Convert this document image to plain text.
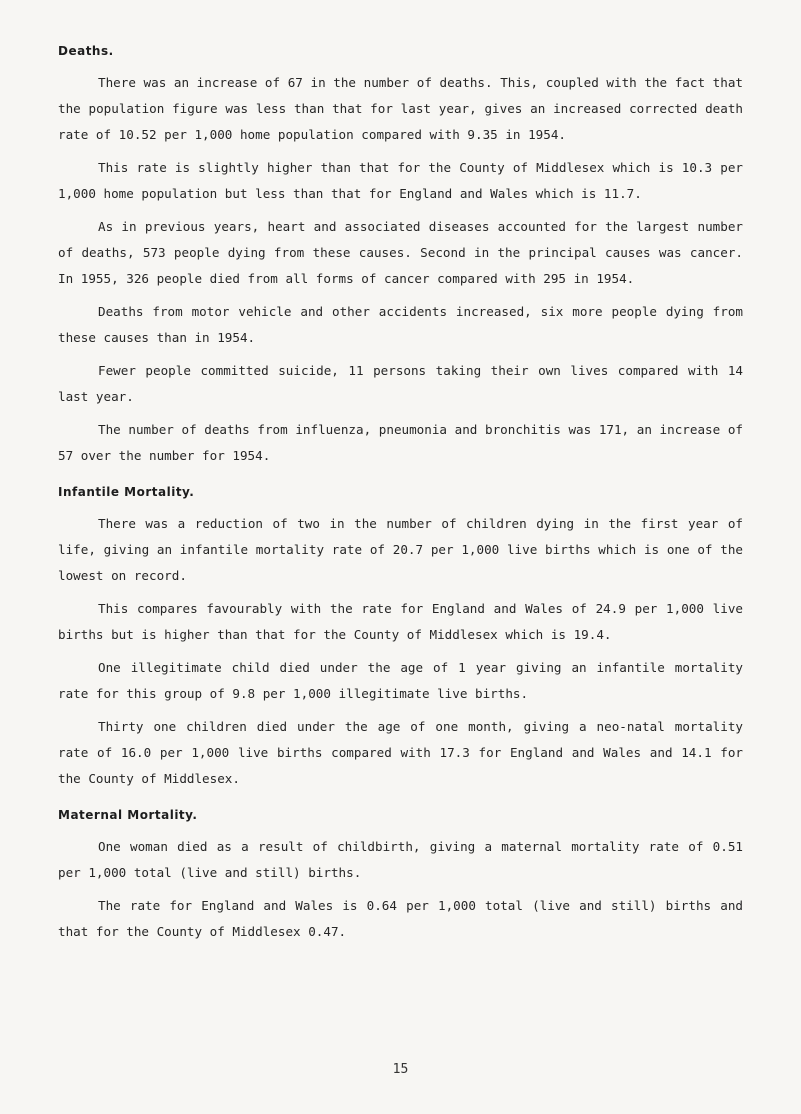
Deaths.

There was an increase of 67 in the number of deaths. This, coupled with the fact that the population figure was less than that for last year, gives an increased corrected death rate of 10.52 per 1,000 home population compared with 9.35 in 1954.

This rate is slightly higher than that for the County of Middlesex which is 10.3 per 1,000 home population but less than that for England and Wales which is 11.7.

As in previous years, heart and associated diseases accounted for the largest number of deaths, 573 people dying from these causes. Second in the principal causes was cancer. In 1955, 326 people died from all forms of cancer compared with 295 in 1954.

Deaths from motor vehicle and other accidents increased, six more people dying from these causes than in 1954.

Fewer people committed suicide, 11 persons taking their own lives compared with 14 last year.

The number of deaths from influenza, pneumonia and bronchitis was 171, an increase of 57 over the number for 1954.

Infantile Mortality.

There was a reduction of two in the number of children dying in the first year of life, giving an infantile mortality rate of 20.7 per 1,000 live births which is one of the lowest on record.

This compares favourably with the rate for England and Wales of 24.9 per 1,000 live births but is higher than that for the County of Middlesex which is 19.4.

One illegitimate child died under the age of 1 year giving an infantile mortality rate for this group of 9.8 per 1,000 illegitimate live births.

Thirty one children died under the age of one month, giving a neo-natal mortality rate of 16.0 per 1,000 live births compared with 17.3 for England and Wales and 14.1 for the County of Middlesex.

Maternal Mortality.

One woman died as a result of childbirth, giving a maternal mortality rate of 0.51 per 1,000 total (live and still) births.

The rate for England and Wales is 0.64 per 1,000 total (live and still) births and that for the County of Middlesex 0.47.

15
